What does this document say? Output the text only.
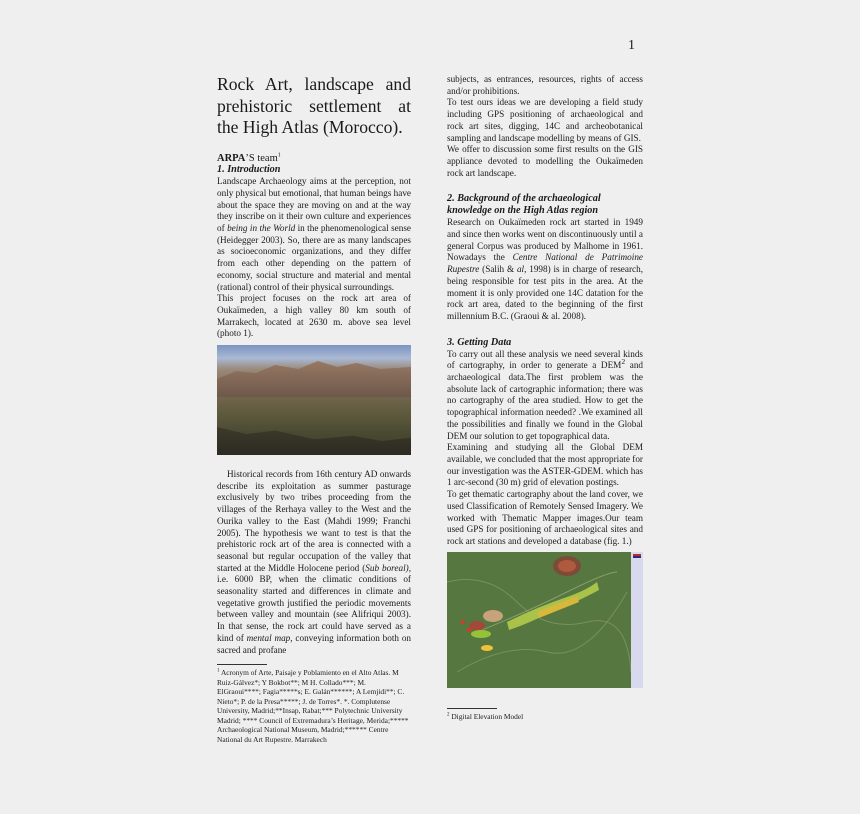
1
Rock Art, landscape and prehistoric settlement at the High Atlas (Morocco).

ARPA’S team$^1$

1. Introduction

Landscape Archaeology aims at the perception, not only physical but emotional, that human beings have about the space they are moving on and at the way they inscribe on it their own culture and experiences of being in the World in the phenomenological sense (Heidegger 2003). So, there are as many landscapes as socioeconomic organizations, and they differ from each other depending on the pattern of economy, social structure and material and mental (rational) control of their physical surroundings.

This project focuses on the rock art area of Oukaïmeden, a high valley 80 km south of Marrakech, located at 2630 m. above sea level (photo 1).

Historical records from 16th century AD onwards describe its exploitation as summer pasturage exclusively by two tribes proceeding from the villages of the Rerhaya valley to the West and the Ourika valley to the East (Mahdi 1999; Franchi 2005). The hypothesis we want to test is that the prehistoric rock art of the area is connected with a seasonal but regular occupation of the valley that started at the Middle Holocene period (Sub boreal), i.e. 6000 BP, when the climatic conditions of seasonality started and differences in climate and vegetative growth justified the periodic movements between valley and mountain (see Alifriqui 2003). In that sense, the rock art could have served as a kind of mental map, conveying information both on sacred and profane

$^1$ Acronym of Arte, Paisaje y Poblamiento en el Alto Atlas. M Ruiz-Gálvez*; Y Bokbot**; M H. Collado***; M. ElGraoui****; Fagia*****s; E. Galán******; A Lemjidi**; C. Nieto*; P. de la Presa*****; J. de Torres*. *. Complutense University, Madrid;**Insap, Rabat;*** Polytechnic University Madrid; **** Council of Extremadura’s Heritage, Merida;***** Archaeological National Museum, Madrid;****** Centre National du Art Rupestre. Marrakech

subjects, as entrances, resources, rights of access and/or prohibitions.

To test ours ideas we are developing a field study including GPS positioning of archaeological and rock art sites, digging, 14C and archeobotanical sampling and landscape modelling by means of GIS.

We offer to discussion some first results on the GIS appliance devoted to modelling the Oukaïmeden rock art landscape.

2. Background of the archaeological knowledge on the High Atlas region

Research on Oukaïmeden rock art started in 1949 and since then works went on discontinuously until a general Corpus was produced by Malhome in 1961. Nowadays the Centre National de Patrimoine Rupestre (Salih & al, 1998) is in charge of research, being responsible for test pits in the area. At the moment it is only provided one 14C datation for the rock art area, dated to the beginning of the first millennium B.C. (Graoui & al. 2008).

3. Getting Data

To carry out all these analysis we need several kinds of cartography, in order to generate a DEM$^2$ and archaeological data.The first problem was the absolute lack of cartographic information; there was no cartography of the area studied. How to get the topographical information needed? .We examined all the possibilities and finally we found in the Global DEM our solution to get topographical data.

Examining and studying all the Global DEM available, we concluded that the most appropriate for our investigation was the ASTER-GDEM. which has 1 arc-second (30 m) grid of elevation postings.

To get thematic cartography about the land cover, we used Classification of Remotely Sensed Imagery. We worked with Thematic Mapper images.Our team used GPS for positioning of archaeological sites and rock art stations and developed a database (fig. 1.)

$^2$ Digital Elevation Model
